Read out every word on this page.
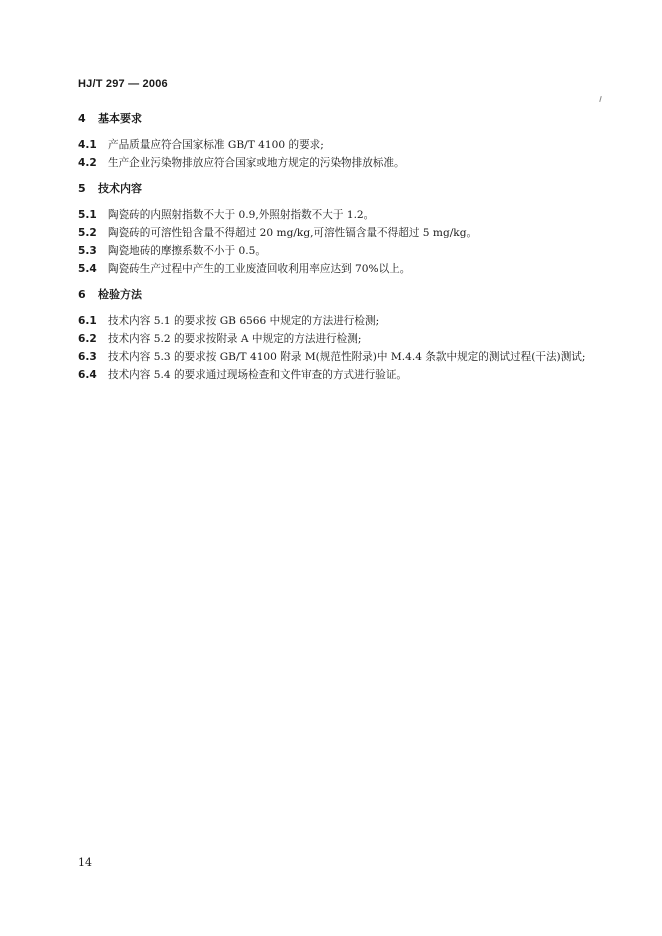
HJ/T 297 — 2006
4 基本要求
4.1	产品质量应符合国家标准 GB/T 4100 的要求;
4.2	生产企业污染物排放应符合国家或地方规定的污染物排放标准。
5 技术内容
5.1	陶瓷砖的内照射指数不大于 0.9,外照射指数不大于 1.2。
5.2	陶瓷砖的可溶性铅含量不得超过 20 mg/kg,可溶性镉含量不得超过 5 mg/kg。
5.3	陶瓷地砖的摩擦系数不小于 0.5。
5.4	陶瓷砖生产过程中产生的工业废渣回收利用率应达到 70%以上。
6 检验方法
6.1	技术内容 5.1 的要求按 GB 6566 中规定的方法进行检测;
6.2	技术内容 5.2 的要求按附录 A 中规定的方法进行检测;
6.3	技术内容 5.3 的要求按 GB/T 4100 附录 M(规范性附录)中 M.4.4 条款中规定的测试过程(干法)测试;
6.4	技术内容 5.4 的要求通过现场检查和文件审查的方式进行验证。
14
